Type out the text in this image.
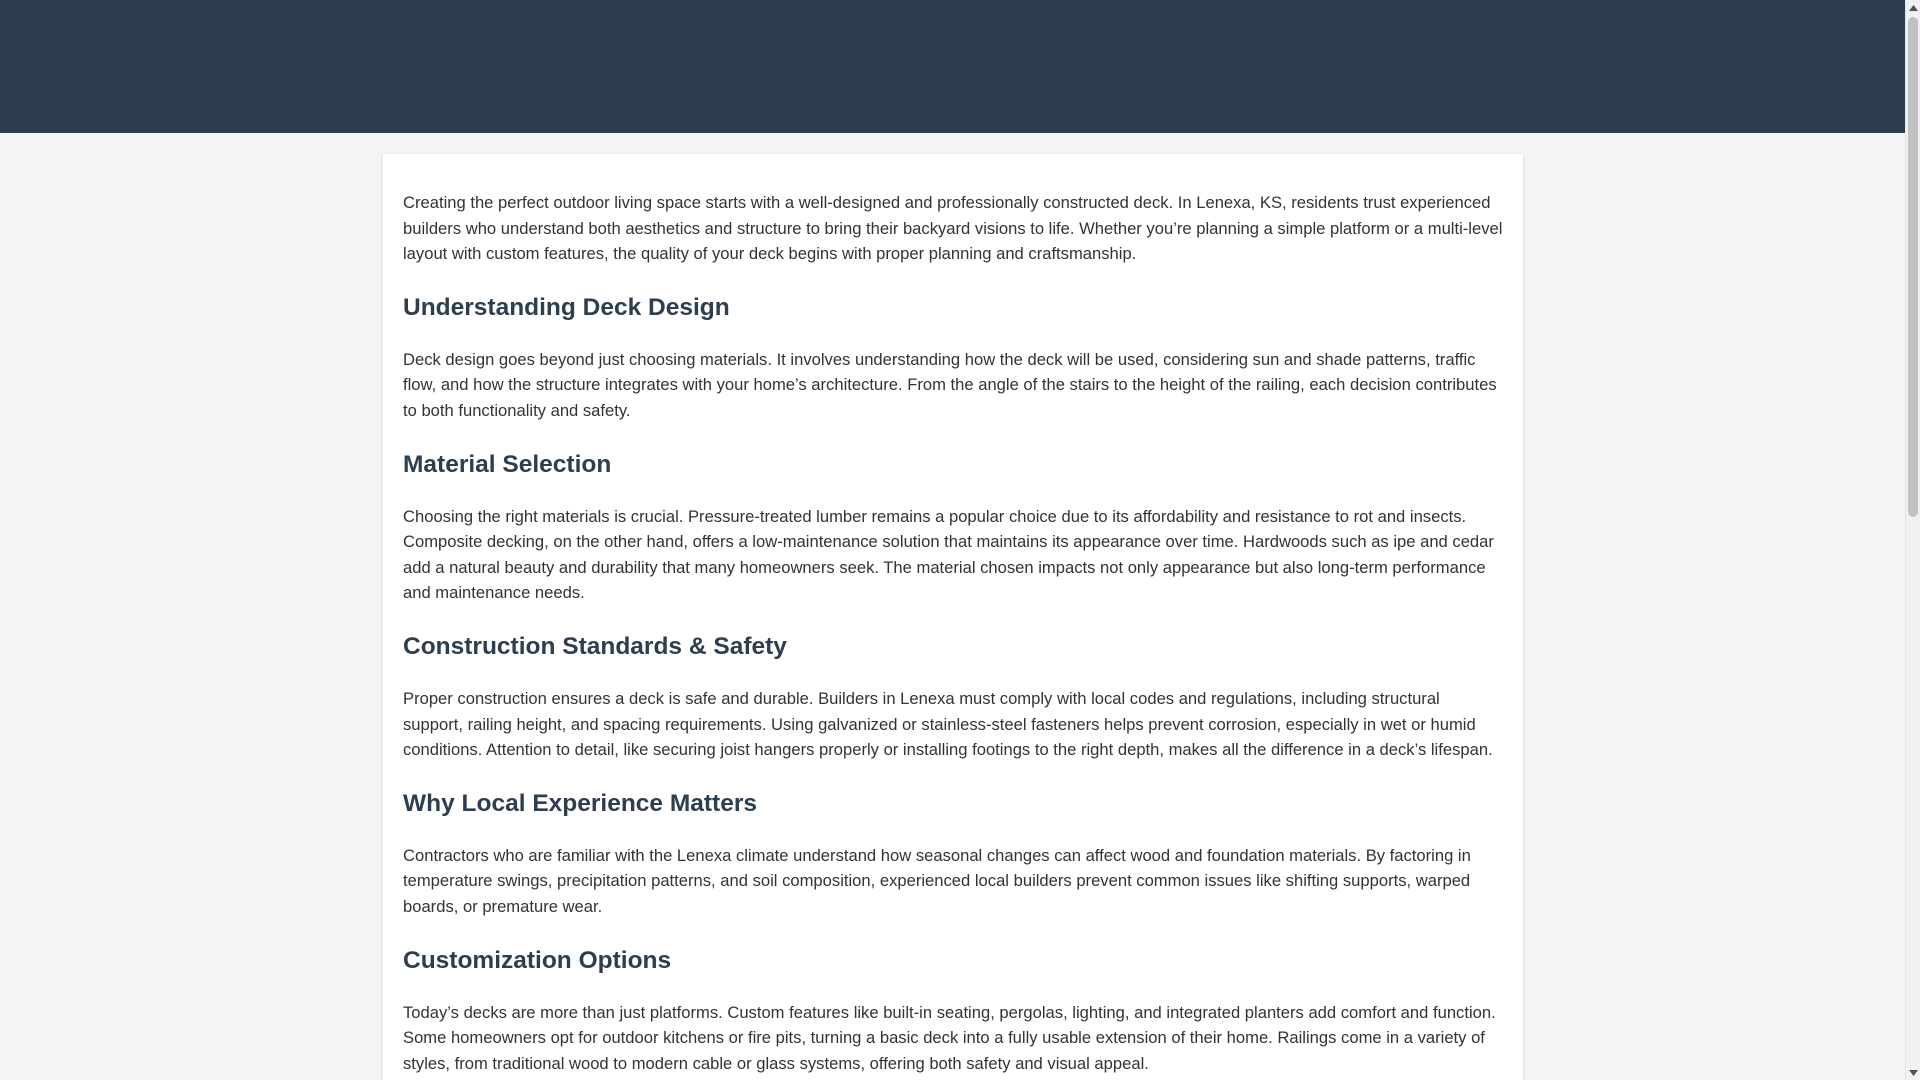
Creating the perfect outdoor living space starts with a well-designed and professionally constructed deck. In Lenexa, KS, residents trust experienced builders who understand both aesthetics and structure to bring their backyard visions to life. Whether you’re planning a simple platform or a multi-level layout with custom features, the quality of your deck begins with proper planning and craftsmanship.

Understanding Deck Design

Deck design goes beyond just choosing materials. It involves understanding how the deck will be used, considering sun and shade patterns, traffic flow, and how the structure integrates with your home’s architecture. From the angle of the stairs to the height of the railing, each decision contributes to both functionality and safety.

Material Selection

Choosing the right materials is crucial. Pressure-treated lumber remains a popular choice due to its affordability and resistance to rot and insects. Composite decking, on the other hand, offers a low-maintenance solution that maintains its appearance over time. Hardwoods such as ipe and cedar add a natural beauty and durability that many homeowners seek. The material chosen impacts not only appearance but also long-term performance and maintenance needs.

Construction Standards & Safety

Proper construction ensures a deck is safe and durable. Builders in Lenexa must comply with local codes and regulations, including structural support, railing height, and spacing requirements. Using galvanized or stainless-steel fasteners helps prevent corrosion, especially in wet or humid conditions. Attention to detail, like securing joist hangers properly or installing footings to the right depth, makes all the difference in a deck’s lifespan.

Why Local Experience Matters

Contractors who are familiar with the Lenexa climate understand how seasonal changes can affect wood and foundation materials. By factoring in temperature swings, precipitation patterns, and soil composition, experienced local builders prevent common issues like shifting supports, warped boards, or premature wear.

Customization Options

Today’s decks are more than just platforms. Custom features like built-in seating, pergolas, lighting, and integrated planters add comfort and function. Some homeowners opt for outdoor kitchens or fire pits, turning a basic deck into a fully usable extension of their home. Railings come in a variety of styles, from traditional wood to modern cable or glass systems, offering both safety and visual appeal.
